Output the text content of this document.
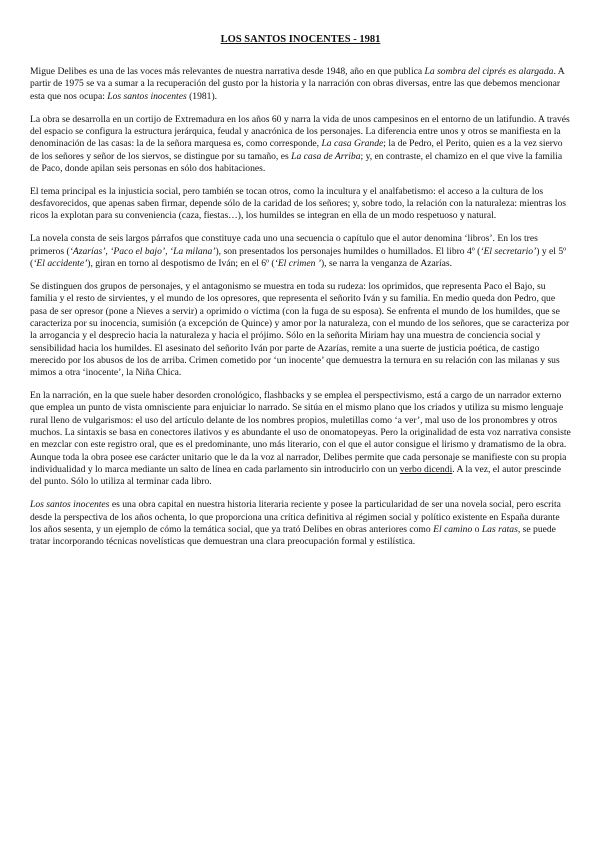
LOS SANTOS INOCENTES - 1981

Migue Delibes es una de las voces más relevantes de nuestra narrativa desde 1948, año en que publica La sombra del ciprés es alargada. A partir de 1975 se va a sumar a la recuperación del gusto por la historia y la narración con obras diversas, entre las que debemos mencionar esta que nos ocupa: Los santos inocentes (1981).

La obra se desarrolla en un cortijo de Extremadura en los años 60 y narra la vida de unos campesinos en el entorno de un latifundio. A través del espacio se configura la estructura jerárquica, feudal y anacrónica de los personajes. La diferencia entre unos y otros se manifiesta en la denominación de las casas: la de la señora marquesa es, como corresponde, La casa Grande; la de Pedro, el Perito, quien es a la vez siervo de los señores y señor de los siervos, se distingue por su tamaño, es La casa de Arriba; y, en contraste, el chamizo en el que vive la familia de Paco, donde apilan seis personas en sólo dos habitaciones.

El tema principal es la injusticia social, pero también se tocan otros, como la incultura y el analfabetismo: el acceso a la cultura de los desfavorecidos, que apenas saben firmar, depende sólo de la caridad de los señores; y, sobre todo, la relación con la naturaleza: mientras los ricos la explotan para su conveniencia (caza, fiestas…), los humildes se integran en ella de un modo respetuoso y natural.

La novela consta de seis largos párrafos que constituye cada uno una secuencia o capítulo que el autor denomina ‘libros’. En los tres primeros (‘Azarías’, ‘Paco el bajo’, ‘La milana’), son presentados los personajes humildes o humillados. El libro 4º (‘El secretario’) y el 5º (‘El accidente’), giran en torno al despotismo de Iván; en el 6º (‘El crimen ’), se narra la venganza de Azarías.

Se distinguen dos grupos de personajes, y el antagonismo se muestra en toda su rudeza: los oprimidos, que representa Paco el Bajo, su familia y el resto de sirvientes, y el mundo de los opresores, que representa el señorito Iván y su familia. En medio queda don Pedro, que pasa de ser opresor (pone a Nieves a servir) a oprimido o víctima (con la fuga de su esposa). Se enfrenta el mundo de los humildes, que se caracteriza por su inocencia, sumisión (a excepción de Quince) y amor por la naturaleza, con el mundo de los señores, que se caracteriza por la arrogancia y el desprecio hacia la naturaleza y hacia el prójimo. Sólo en la señorita Miriam hay una muestra de conciencia social y sensibilidad hacia los humildes. El asesinato del señorito Iván por parte de Azarías, remite a una suerte de justicia poética, de castigo merecido por los abusos de los de arriba. Crimen cometido por ‘un inocente’ que demuestra la ternura en su relación con las milanas y sus mimos a otra ‘inocente’, la Niña Chica.

En la narración, en la que suele haber desorden cronológico, flashbacks y se emplea el perspectivismo, está a cargo de un narrador externo que emplea un punto de vista omnisciente para enjuiciar lo narrado. Se sitúa en el mismo plano que los criados y utiliza su mismo lenguaje rural lleno de vulgarismos: el uso del artículo delante de los nombres propios, muletillas como ‘a ver’, mal uso de los pronombres y otros muchos. La sintaxis se basa en conectores ilativos y es abundante el uso de onomatopeyas. Pero la originalidad de esta voz narrativa consiste en mezclar con este registro oral, que es el predominante, uno más literario, con el que el autor consigue el lirismo y dramatismo de la obra. Aunque toda la obra posee ese carácter unitario que le da la voz al narrador, Delibes permite que cada personaje se manifieste con su propia individualidad y lo marca mediante un salto de línea en cada parlamento sin introducirlo con un verbo dicendi. A la vez, el autor prescinde del punto. Sólo lo utiliza al terminar cada libro.

Los santos inocentes es una obra capital en nuestra historia literaria reciente y posee la particularidad de ser una novela social, pero escrita desde la perspectiva de los años ochenta, lo que proporciona una crítica definitiva al régimen social y político existente en España durante los años sesenta, y un ejemplo de cómo la temática social, que ya trató Delibes en obras anteriores como El camino o Las ratas, se puede tratar incorporando técnicas novelísticas que demuestran una clara preocupación formal y estilística.
